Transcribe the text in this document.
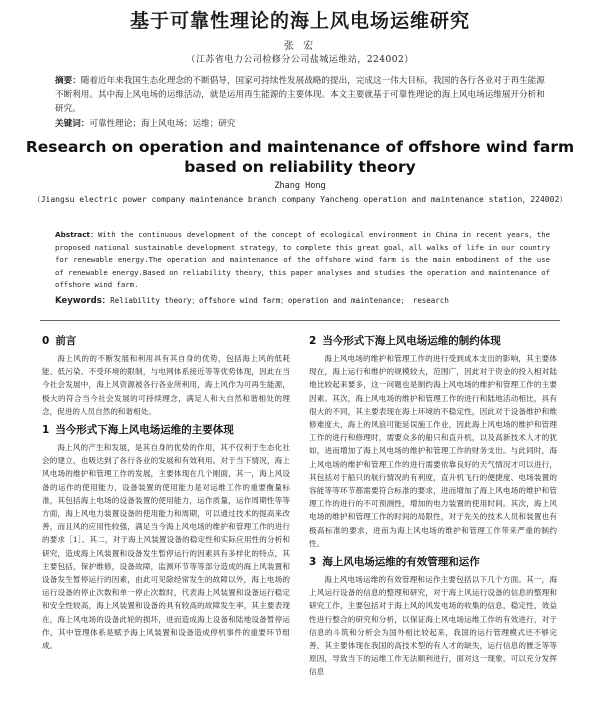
基于可靠性理论的海上风电场运维研究
张 宏
（江苏省电力公司检修分公司盐城运维站，224002）
摘要：随着近年来我国生态化理念的不断倡导，国家可持续性发展战略的提出，完成这一伟大目标，我国的各行各业对于再生能源不断利用。其中海上风电场的运维活动，就是运用再生能源的主要体现。本文主要就基于可靠性理论的海上风电场运维展开分析和研究。
关键词：可靠性理论；海上风电场；运维；研究
Research on operation and maintenance of offshore wind farm based on reliability theory
Zhang Hong
（Jiangsu electric power company maintenance branch company Yancheng operation and maintenance station，224002）
Abstract：With the continuous development of the concept of ecological environment in China in recent years，the proposed national sustainable development strategy，to complete this great goal，all walks of life in our country for renewable energy.The operation and maintenance of the offshore wind farm is the main embodiment of the use of renewable energy.Based on reliability theory，this paper analyses and studies the operation and maintenance of offshore wind farm.
Keywords：Reliability theory；offshore wind farm；operation and maintenance； research
0 前言

海上风的的不断发展和利用具有其自身的优势，包括海上风的低耗能、低污染、不受环境的限制，与电网体系接近等等优势体现，因此在当今社会发展中，海上风资源被各行各业所利用，海上风作为可再生能源，极大的符合当今社会发展的可持续理念，满足人和大自然和谐相处的理念，促进的人员自然的和谐相处。

1 当今形式下海上风电场运维的主要体现

海上风的产生和发展，是其自身的优势的作用，其不仅利于生态化社会的建立，也吸达到了各行各业的发展和有效利用。对于当下情况，海上风电场的维护和管理工作的发展，主要体现在几个刚面，其一，海上风设备的运作的使用能力，设备装置的使用能力是对运维工作的重要衡量标准，其包括海上电场的设备装置的使用能力，运作质量，运作周期性等等方面，海上风电力装置设备的使用能力和周期，可以通过技术的提高来改善，而且风的应用性较强，满足当今海上风电场的维护和管理工作的进行的要求［1］。其二，对于海上风装置设备的稳定性和实际应用性的分析和研究，造成海上风装置和设备发生暂停运行的因素具有多样化的特点，其主要包括，保护维修，设备故障，监测环节等等部分造成的海上风装置和设备发生暂停运行的因素，由此可见除经常发生的故障以外，海上电场的运行设备的停止次数和单一停止次数时，代表海上风装置和设备运行稳定和安全性较高，海上风装置和设备的具有较高的故障发生率，其主要表现在，海上风电场的设备此轮的损坏，进而造成海上设备和陆地设备暂停运作，其中管理体系是赋予海上风装置和设备造成停机事件的重要环节组成。

2 当今形式下海上风电场运维的制约体现

海上风电场的维护和管理工作的进行受到成本支出的影响，其主要体现在，海上运行和维护的规模较大，范围广，因此对于资金的投入相对陆地比较起来要多，这一问题也是制约海上风电场的维护和管理工作的主要因素。其次，海上风电场的维护和管理工作的进行和陆地活动相比，具有很大的不同，其主要表现在海上环境的不稳定性，因此对于设备维护和维修难度大，海上的风浪可能延误施工作业，因此海上风电场的维护和管理工作的进行和修理时，需要众多的船只和直升机，以及高新技术人才的犹如，进而增加了海上风电场的维护和管理工作的财务支出。与此同时，海上风电场的维护和管理工作的进行需要依靠良好的天气情况才可以进行，其包括对于船只的航行情况的有利度，直升机飞行的便捷度、电场装置的容能等等环节都需要符合标准的要求，进而增加了海上风电场的维护和管理工作的进行的不可预测性，增加的电力装置的使用时间。其次，海上风电场的维护和管理工作的时间的局限性，对于先关的技术人员和装置也有极高标准的要求，进而为海上风电场的维护和管理工作带来严重的制约性。

3 海上风电场运维的有效管理和运作

海上风电场运维的有效管理和运作主要包括以下几个方面。其一，海上风运行设备的信息的整理和研究，对于海上风运行设备的信息的整理和研究工作，主要包括对于海上风的风发电场的收集的信息，稳定性，效益性进行整合的研究和分析，以保证海上风电场运维工作的有效进行，对于信息的斗筑和分析会为国外相比较起来，我国的运行管理模式还不够完善，其主要体现在我国的高技术型的有人才的缺失，运行信息的匮乏等等原因，导致当下的运维工作无法顺利进行，面对这一现象，可以充分发挥信息
